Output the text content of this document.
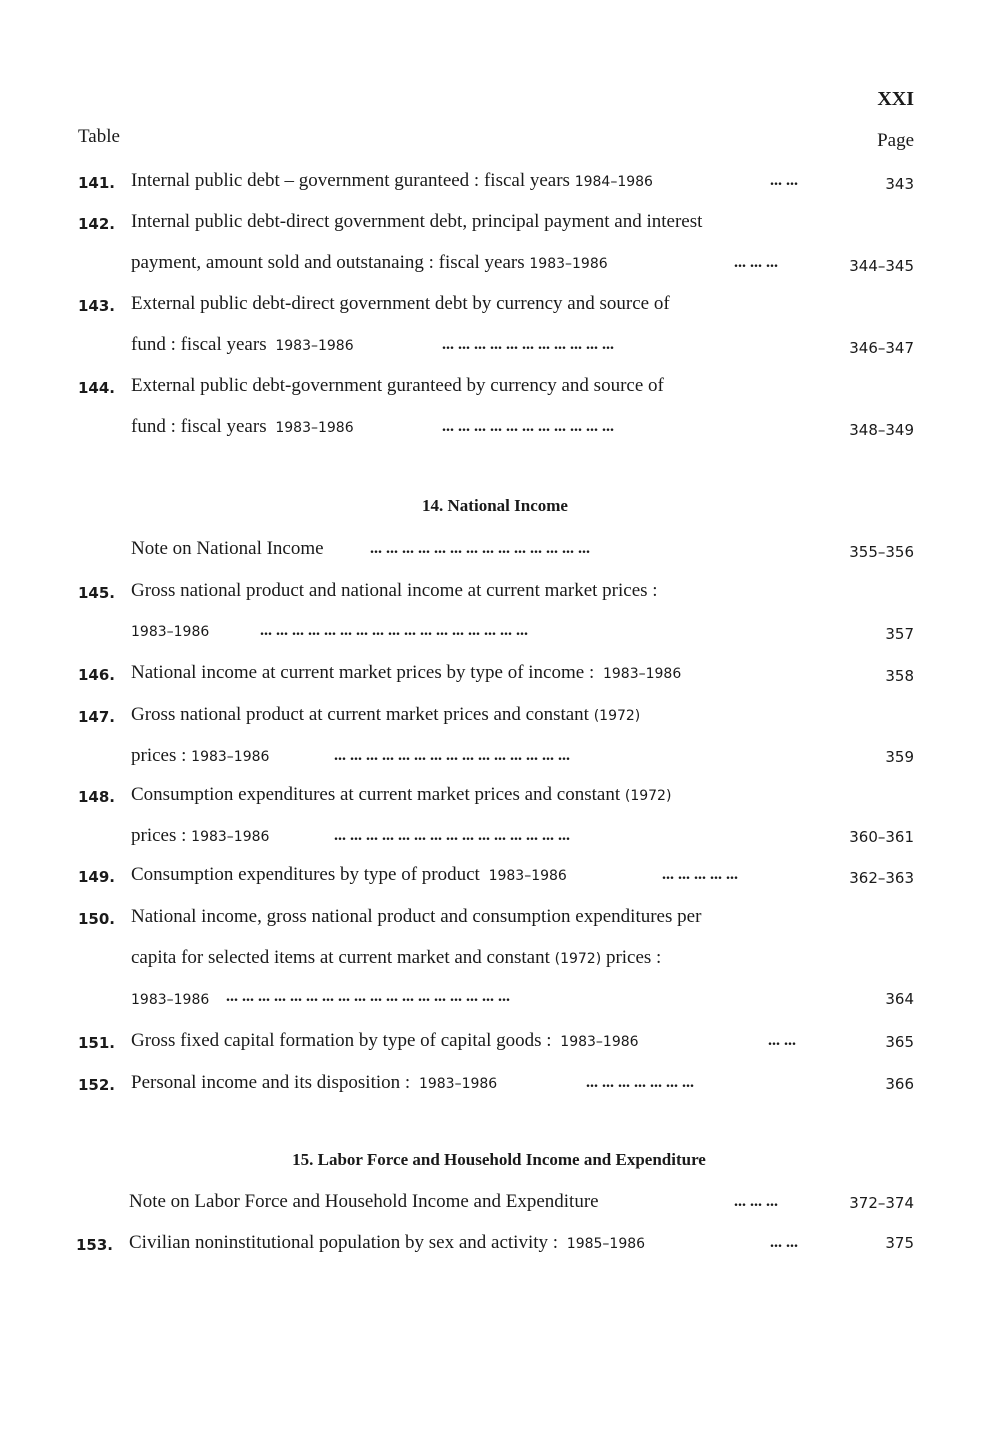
XXI
Table	Page
141. Internal public debt – government guranteed : fiscal years 1984–1986	... ...	343
142. Internal public debt-direct government debt, principal payment and interest
payment, amount sold and outstanaing : fiscal years 1983–1986	... ... ...	344–345
143. External public debt-direct government debt by currency and source of
fund : fiscal years 1983–1986	... ... ... ... ... ... ... ... ... ... ...	346–347
144. External public debt-government guranteed by currency and source of
fund : fiscal years 1983–1986	... ... ... ... ... ... ... ... ... ... ...	348–349
14. National Income
Note on National Income	... ... ... ... ... ... ... ... ... ... ... ... ... ...	355–356
145. Gross national product and national income at current market prices :
1983–1986	... ... ... ... ... ... ... ... ... ... ... ... ... ... ... ... ...	357
146. National income at current market prices by type of income : 1983–1986	358
147. Gross national product at current market prices and constant (1972)
prices : 1983–1986	... ... ... ... ... ... ... ... ... ... ... ... ... ... ...	359
148. Consumption expenditures at current market prices and constant (1972)
prices : 1983–1986	... ... ... ... ... ... ... ... ... ... ... ... ... ... ...	360–361
149. Consumption expenditures by type of product 1983–1986	... ... ... ... ...	362–363
150. National income, gross national product and consumption expenditures per
capita for selected items at current market and constant (1972) prices :
1983–1986 ... ... ... ... ... ... ... ... ... ... ... ... ... ... ... ... ... ...	364
151. Gross fixed capital formation by type of capital goods : 1983–1986	... ...	365
152. Personal income and its disposition : 1983–1986	... ... ... ... ... ... ...	366
15. Labor Force and Household Income and Expenditure
Note on Labor Force and Household Income and Expenditure	... ... ...	372–374
153. Civilian noninstitutional population by sex and activity : 1985–1986	... ...	375
